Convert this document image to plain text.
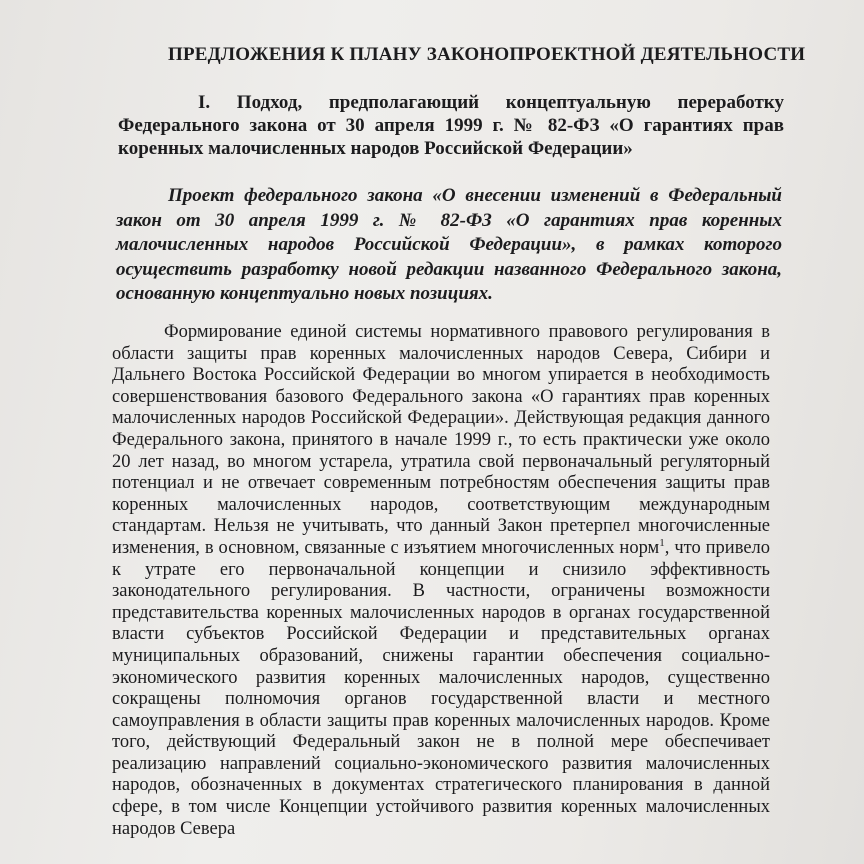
ПРЕДЛОЖЕНИЯ К ПЛАНУ ЗАКОНОПРОЕКТНОЙ ДЕЯТЕЛЬНОСТИ
I. Подход, предполагающий концептуальную переработку Федерального закона от 30 апреля 1999 г. № 82-ФЗ «О гарантиях прав коренных малочисленных народов Российской Федерации»
Проект федерального закона «О внесении изменений в Федеральный закон от 30 апреля 1999 г. № 82-ФЗ «О гарантиях прав коренных малочисленных народов Российской Федерации», в рамках которого осуществить разработку новой редакции названного Федерального закона, основанную концептуально новых позициях.
Формирование единой системы нормативного правового регулирования в области защиты прав коренных малочисленных народов Севера, Сибири и Дальнего Востока Российской Федерации во многом упирается в необходимость совершенствования базового Федерального закона «О гарантиях прав коренных малочисленных народов Российской Федерации». Действующая редакция данного Федерального закона, принятого в начале 1999 г., то есть практически уже около 20 лет назад, во многом устарела, утратила свой первоначальный регуляторный потенциал и не отвечает современным потребностям обеспечения защиты прав коренных малочисленных народов, соответствующим международным стандартам. Нельзя не учитывать, что данный Закон претерпел многочисленные изменения, в основном, связанные с изъятием многочисленных норм$^1$, что привело к утрате его первоначальной концепции и снизило эффективность законодательного регулирования. В частности, ограничены возможности представительства коренных малочисленных народов в органах государственной власти субъектов Российской Федерации и представительных органах муниципальных образований, снижены гарантии обеспечения социально-экономического развития коренных малочисленных народов, существенно сокращены полномочия органов государственной власти и местного самоуправления в области защиты прав коренных малочисленных народов. Кроме того, действующий Федеральный закон не в полной мере обеспечивает реализацию направлений социально-экономического развития малочисленных народов, обозначенных в документах стратегического планирования в данной сфере, в том числе Концепции устойчивого развития коренных малочисленных народов Севера
